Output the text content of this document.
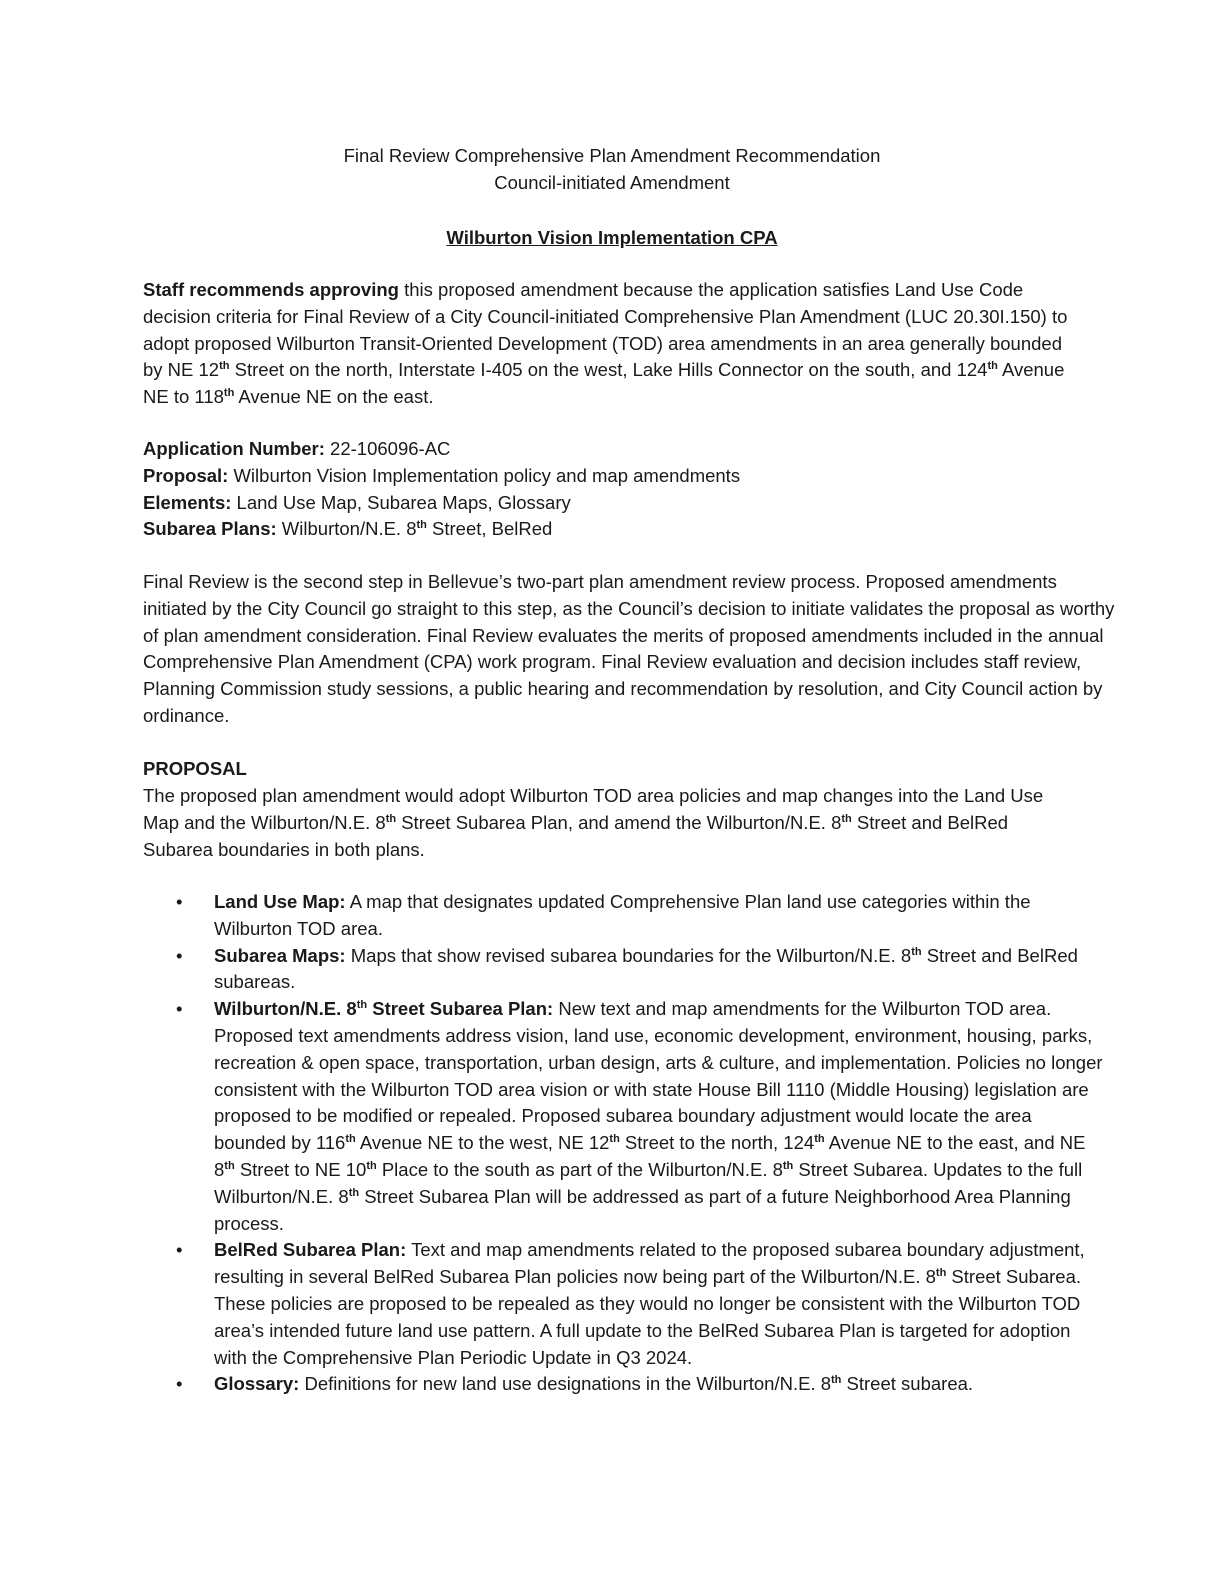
Final Review Comprehensive Plan Amendment Recommendation

Council-initiated Amendment

Wilburton Vision Implementation CPA

Staff recommends approving this proposed amendment because the application satisfies Land Use Code decision criteria for Final Review of a City Council-initiated Comprehensive Plan Amendment (LUC 20.30I.150) to adopt proposed Wilburton Transit-Oriented Development (TOD) area amendments in an area generally bounded by NE 12th Street on the north, Interstate I-405 on the west, Lake Hills Connector on the south, and 124th Avenue NE to 118th Avenue NE on the east.

Application Number: 22-106096-AC

Proposal: Wilburton Vision Implementation policy and map amendments

Elements: Land Use Map, Subarea Maps, Glossary

Subarea Plans: Wilburton/N.E. 8th Street, BelRed

Final Review is the second step in Bellevue’s two-part plan amendment review process. Proposed amendments initiated by the City Council go straight to this step, as the Council’s decision to initiate validates the proposal as worthy of plan amendment consideration. Final Review evaluates the merits of proposed amendments included in the annual Comprehensive Plan Amendment (CPA) work program. Final Review evaluation and decision includes staff review, Planning Commission study sessions, a public hearing and recommendation by resolution, and City Council action by ordinance.

PROPOSAL

The proposed plan amendment would adopt Wilburton TOD area policies and map changes into the Land Use Map and the Wilburton/N.E. 8th Street Subarea Plan, and amend the Wilburton/N.E. 8th Street and BelRed Subarea boundaries in both plans.

• Land Use Map: A map that designates updated Comprehensive Plan land use categories within the Wilburton TOD area.
• Subarea Maps: Maps that show revised subarea boundaries for the Wilburton/N.E. 8th Street and BelRed subareas.
• Wilburton/N.E. 8th Street Subarea Plan: New text and map amendments for the Wilburton TOD area. Proposed text amendments address vision, land use, economic development, environment, housing, parks, recreation & open space, transportation, urban design, arts & culture, and implementation. Policies no longer consistent with the Wilburton TOD area vision or with state House Bill 1110 (Middle Housing) legislation are proposed to be modified or repealed. Proposed subarea boundary adjustment would locate the area bounded by 116th Avenue NE to the west, NE 12th Street to the north, 124th Avenue NE to the east, and NE 8th Street to NE 10th Place to the south as part of the Wilburton/N.E. 8th Street Subarea. Updates to the full Wilburton/N.E. 8th Street Subarea Plan will be addressed as part of a future Neighborhood Area Planning process.
• BelRed Subarea Plan: Text and map amendments related to the proposed subarea boundary adjustment, resulting in several BelRed Subarea Plan policies now being part of the Wilburton/N.E. 8th Street Subarea. These policies are proposed to be repealed as they would no longer be consistent with the Wilburton TOD area’s intended future land use pattern. A full update to the BelRed Subarea Plan is targeted for adoption with the Comprehensive Plan Periodic Update in Q3 2024.
• Glossary: Definitions for new land use designations in the Wilburton/N.E. 8th Street subarea.
